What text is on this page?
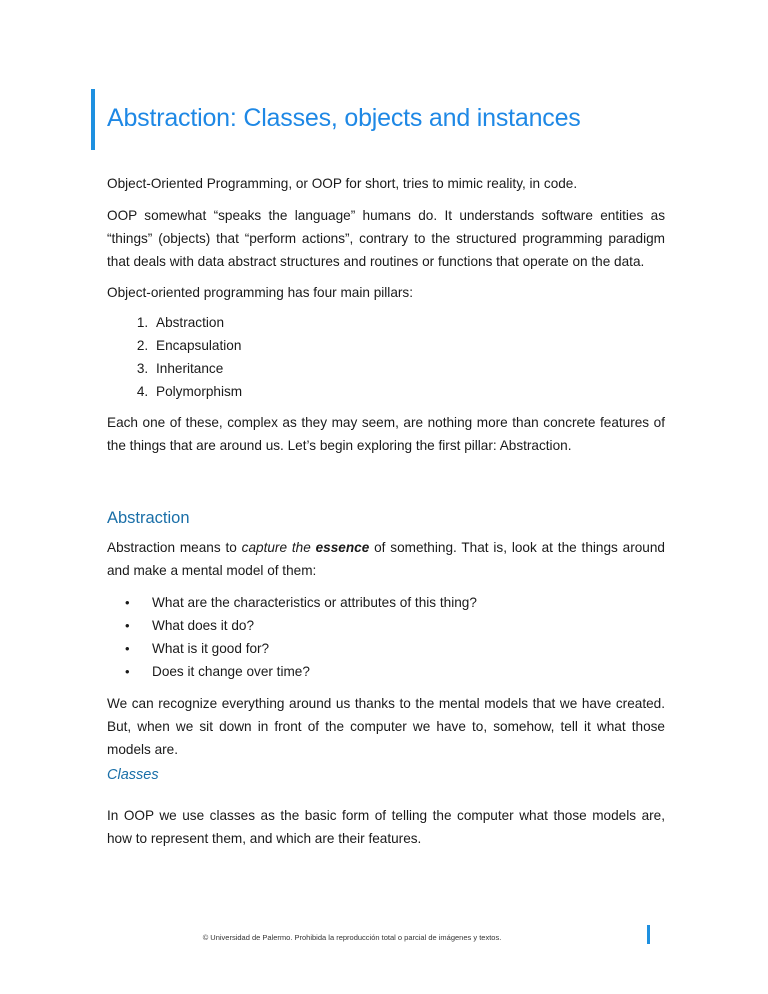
Abstraction: Classes, objects and instances

Object-Oriented Programming, or OOP for short, tries to mimic reality, in code.

OOP somewhat “speaks the language” humans do. It understands software entities as “things” (objects) that “perform actions”, contrary to the structured programming paradigm that deals with data abstract structures and routines or functions that operate on the data.

Object-oriented programming has four main pillars:

1. Abstraction
2. Encapsulation
3. Inheritance
4. Polymorphism

Each one of these, complex as they may seem, are nothing more than concrete features of the things that are around us. Let’s begin exploring the first pillar: Abstraction.

Abstraction

Abstraction means to capture the essence of something. That is, look at the things around and make a mental model of them:

• What are the characteristics or attributes of this thing?
• What does it do?
• What is it good for?
• Does it change over time?

We can recognize everything around us thanks to the mental models that we have created. But, when we sit down in front of the computer we have to, somehow, tell it what those models are.

Classes

In OOP we use classes as the basic form of telling the computer what those models are, how to represent them, and which are their features.

© Universidad de Palermo. Prohibida la reproducción total o parcial de imágenes y textos.
